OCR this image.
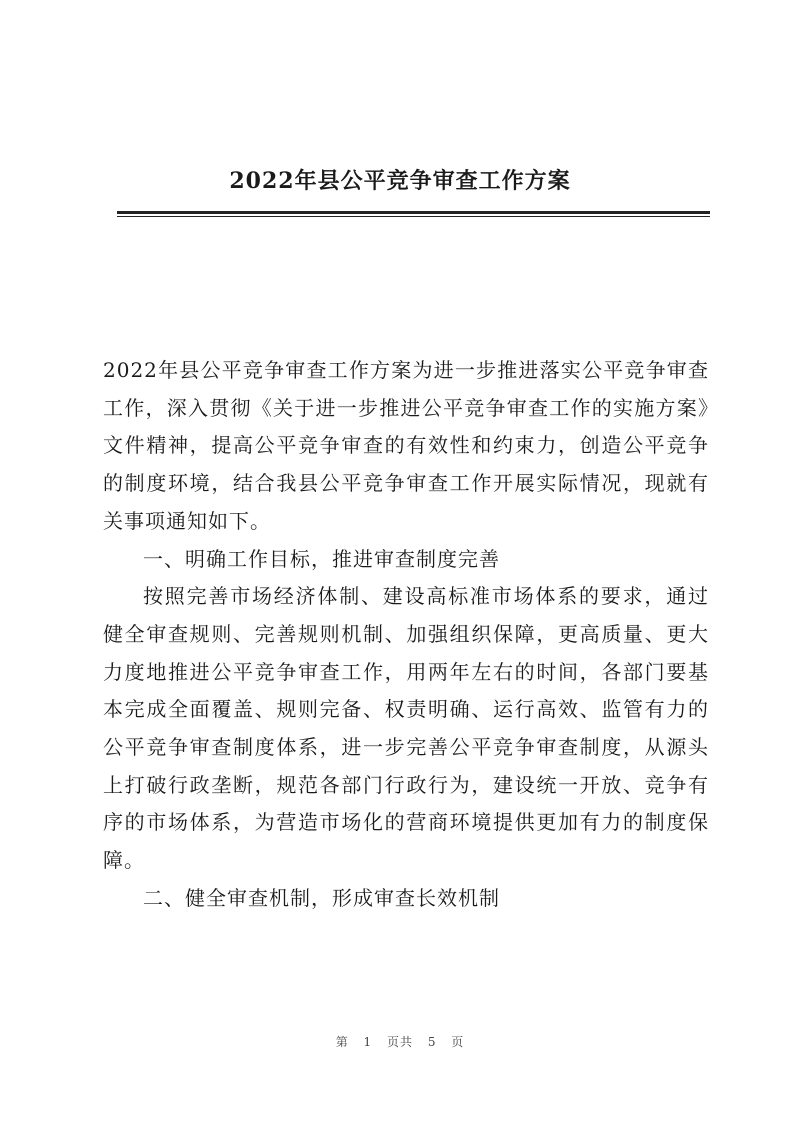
2022年县公平竞争审查工作方案

2022年县公平竞争审查工作方案为进一步推进落实公平竞争审查工作，深入贯彻《关于进一步推进公平竞争审查工作的实施方案》文件精神，提高公平竞争审查的有效性和约束力，创造公平竞争的制度环境，结合我县公平竞争审查工作开展实际情况，现就有关事项通知如下。

一、明确工作目标，推进审查制度完善

按照完善市场经济体制、建设高标准市场体系的要求，通过健全审查规则、完善规则机制、加强组织保障，更高质量、更大力度地推进公平竞争审查工作，用两年左右的时间，各部门要基本完成全面覆盖、规则完备、权责明确、运行高效、监管有力的公平竞争审查制度体系，进一步完善公平竞争审查制度，从源头上打破行政垄断，规范各部门行政行为，建设统一开放、竞争有序的市场体系，为营造市场化的营商环境提供更加有力的制度保障。

二、健全审查机制，形成审查长效机制

第 1 页共 5 页
